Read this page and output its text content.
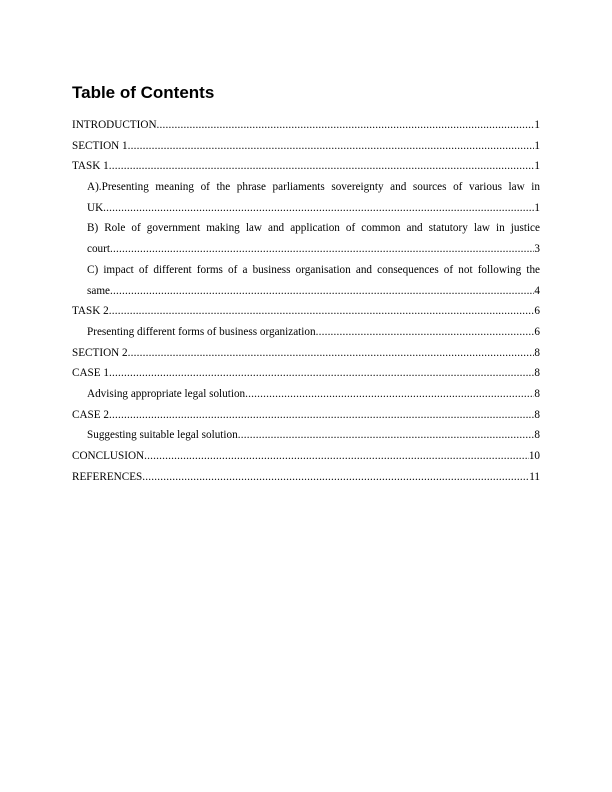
Table of Contents
INTRODUCTION .....	1
SECTION 1 .....	1
TASK 1 .....	1
A).Presenting meaning of the phrase parliaments sovereignty and sources of various law in
UK .....	1
B) Role of government making law and application of common and statutory law in justice
court .....	3
C) impact of different forms of a business organisation and consequences of not following the
same .....	4
TASK 2 .....	6
Presenting different forms of business organization .....	6
SECTION 2 .....	8
CASE 1 .....	8
Advising appropriate legal solution .....	8
CASE 2 .....	8
Suggesting suitable legal solution .....	8
CONCLUSION .....	10
REFERENCES .....	11
